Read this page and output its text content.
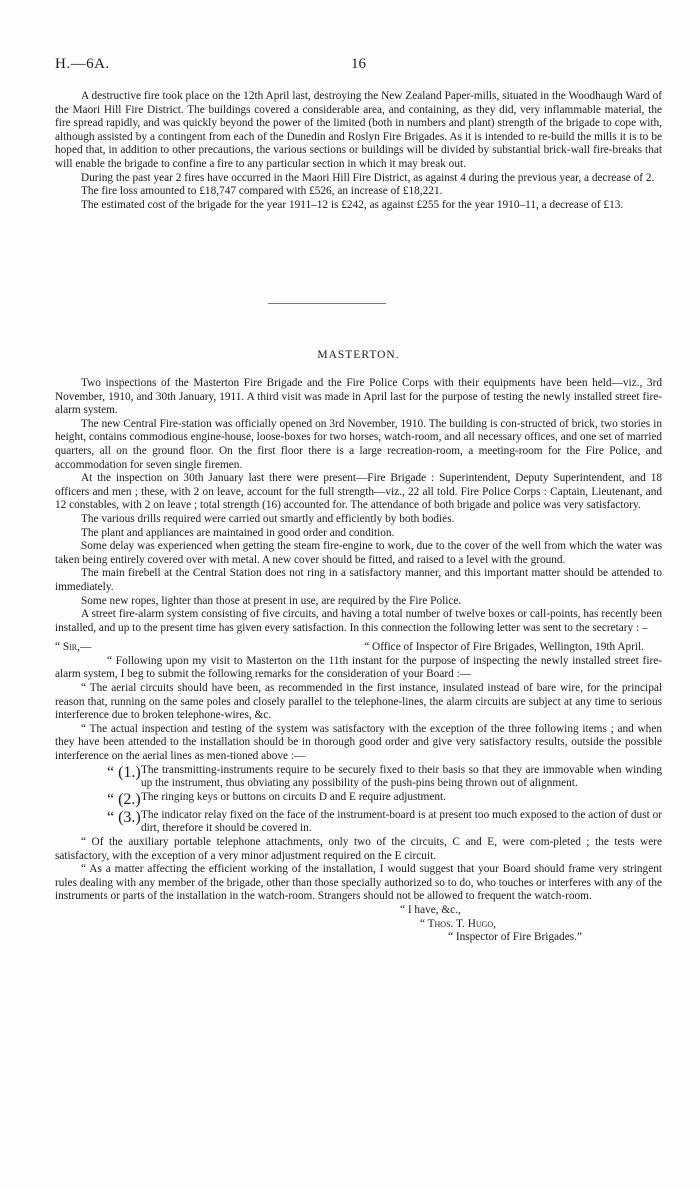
H.—6A.	16

A destructive fire took place on the 12th April last, destroying the New Zealand Paper-mills, situated in the Woodhaugh Ward of the Maori Hill Fire District. The buildings covered a considerable area, and containing, as they did, very inflammable material, the fire spread rapidly, and was quickly beyond the power of the limited (both in numbers and plant) strength of the brigade to cope with, although assisted by a contingent from each of the Dunedin and Roslyn Fire Brigades. As it is intended to re-build the mills it is to be hoped that, in addition to other precautions, the various sections or buildings will be divided by substantial brick-wall fire-breaks that will enable the brigade to confine a fire to any particular section in which it may break out.

During the past year 2 fires have occurred in the Maori Hill Fire District, as against 4 during the previous year, a decrease of 2.

The fire loss amounted to £18,747 compared with £526, an increase of £18,221.

The estimated cost of the brigade for the year 1911–12 is £242, as against £255 for the year 1910–11, a decrease of £13.

MASTERTON.

Two inspections of the Masterton Fire Brigade and the Fire Police Corps with their equipments have been held—viz., 3rd November, 1910, and 30th January, 1911. A third visit was made in April last for the purpose of testing the newly installed street fire-alarm system.

The new Central Fire-station was officially opened on 3rd November, 1910. The building is con-structed of brick, two stories in height, contains commodious engine-house, loose-boxes for two horses, watch-room, and all necessary offices, and one set of married quarters, all on the ground floor. On the first floor there is a large recreation-room, a meeting-room for the Fire Police, and accommodation for seven single firemen.

At the inspection on 30th January last there were present—Fire Brigade : Superintendent, Deputy Superintendent, and 18 officers and men ; these, with 2 on leave, account for the full strength—viz., 22 all told. Fire Police Corps : Captain, Lieutenant, and 12 constables, with 2 on leave ; total strength (16) accounted for. The attendance of both brigade and police was very satisfactory.

The various drills required were carried out smartly and efficiently by both bodies.

The plant and appliances are maintained in good order and condition.

Some delay was experienced when getting the steam fire-engine to work, due to the cover of the well from which the water was taken being entirely covered over with metal. A new cover should be fitted, and raised to a level with the ground.

The main firebell at the Central Station does not ring in a satisfactory manner, and this important matter should be attended to immediately.

Some new ropes, lighter than those at present in use, are required by the Fire Police.

A street fire-alarm system consisting of five circuits, and having a total number of twelve boxes or call-points, has recently been installed, and up to the present time has given every satisfaction. In this connection the following letter was sent to the secretary : –

“ Sir,—	“ Office of Inspector of Fire Brigades, Wellington, 19th April.

“ Following upon my visit to Masterton on the 11th instant for the purpose of inspecting the newly installed street fire-alarm system, I beg to submit the following remarks for the consideration of your Board :—

“ The aerial circuits should have been, as recommended in the first instance, insulated instead of bare wire, for the principal reason that, running on the same poles and closely parallel to the telephone-lines, the alarm circuits are subject at any time to serious interference due to broken telephone-wires, &c.

“ The actual inspection and testing of the system was satisfactory with the exception of the three following items ; and when they have been attended to the installation should be in thorough good order and give very satisfactory results, outside the possible interference on the aerial lines as men-tioned above :—

“ (1.) The transmitting-instruments require to be securely fixed to their basis so that they are immovable when winding up the instrument, thus obviating any possibility of the push-pins being thrown out of alignment.

“ (2.) The ringing keys or buttons on circuits D and E require adjustment.

“ (3.) The indicator relay fixed on the face of the instrument-board is at present too much exposed to the action of dust or dirt, therefore it should be covered in.

“ Of the auxiliary portable telephone attachments, only two of the circuits, C and E, were com-pleted ; the tests were satisfactory, with the exception of a very minor adjustment required on the E circuit.

“ As a matter affecting the efficient working of the installation, I would suggest that your Board should frame very stringent rules dealing with any member of the brigade, other than those specially authorized so to do, who touches or interferes with any of the instruments or parts of the installation in the watch-room. Strangers should not be allowed to frequent the watch-room.

“ I have, &c.,

“ Thos. T. Hugo,

“ Inspector of Fire Brigades.”
